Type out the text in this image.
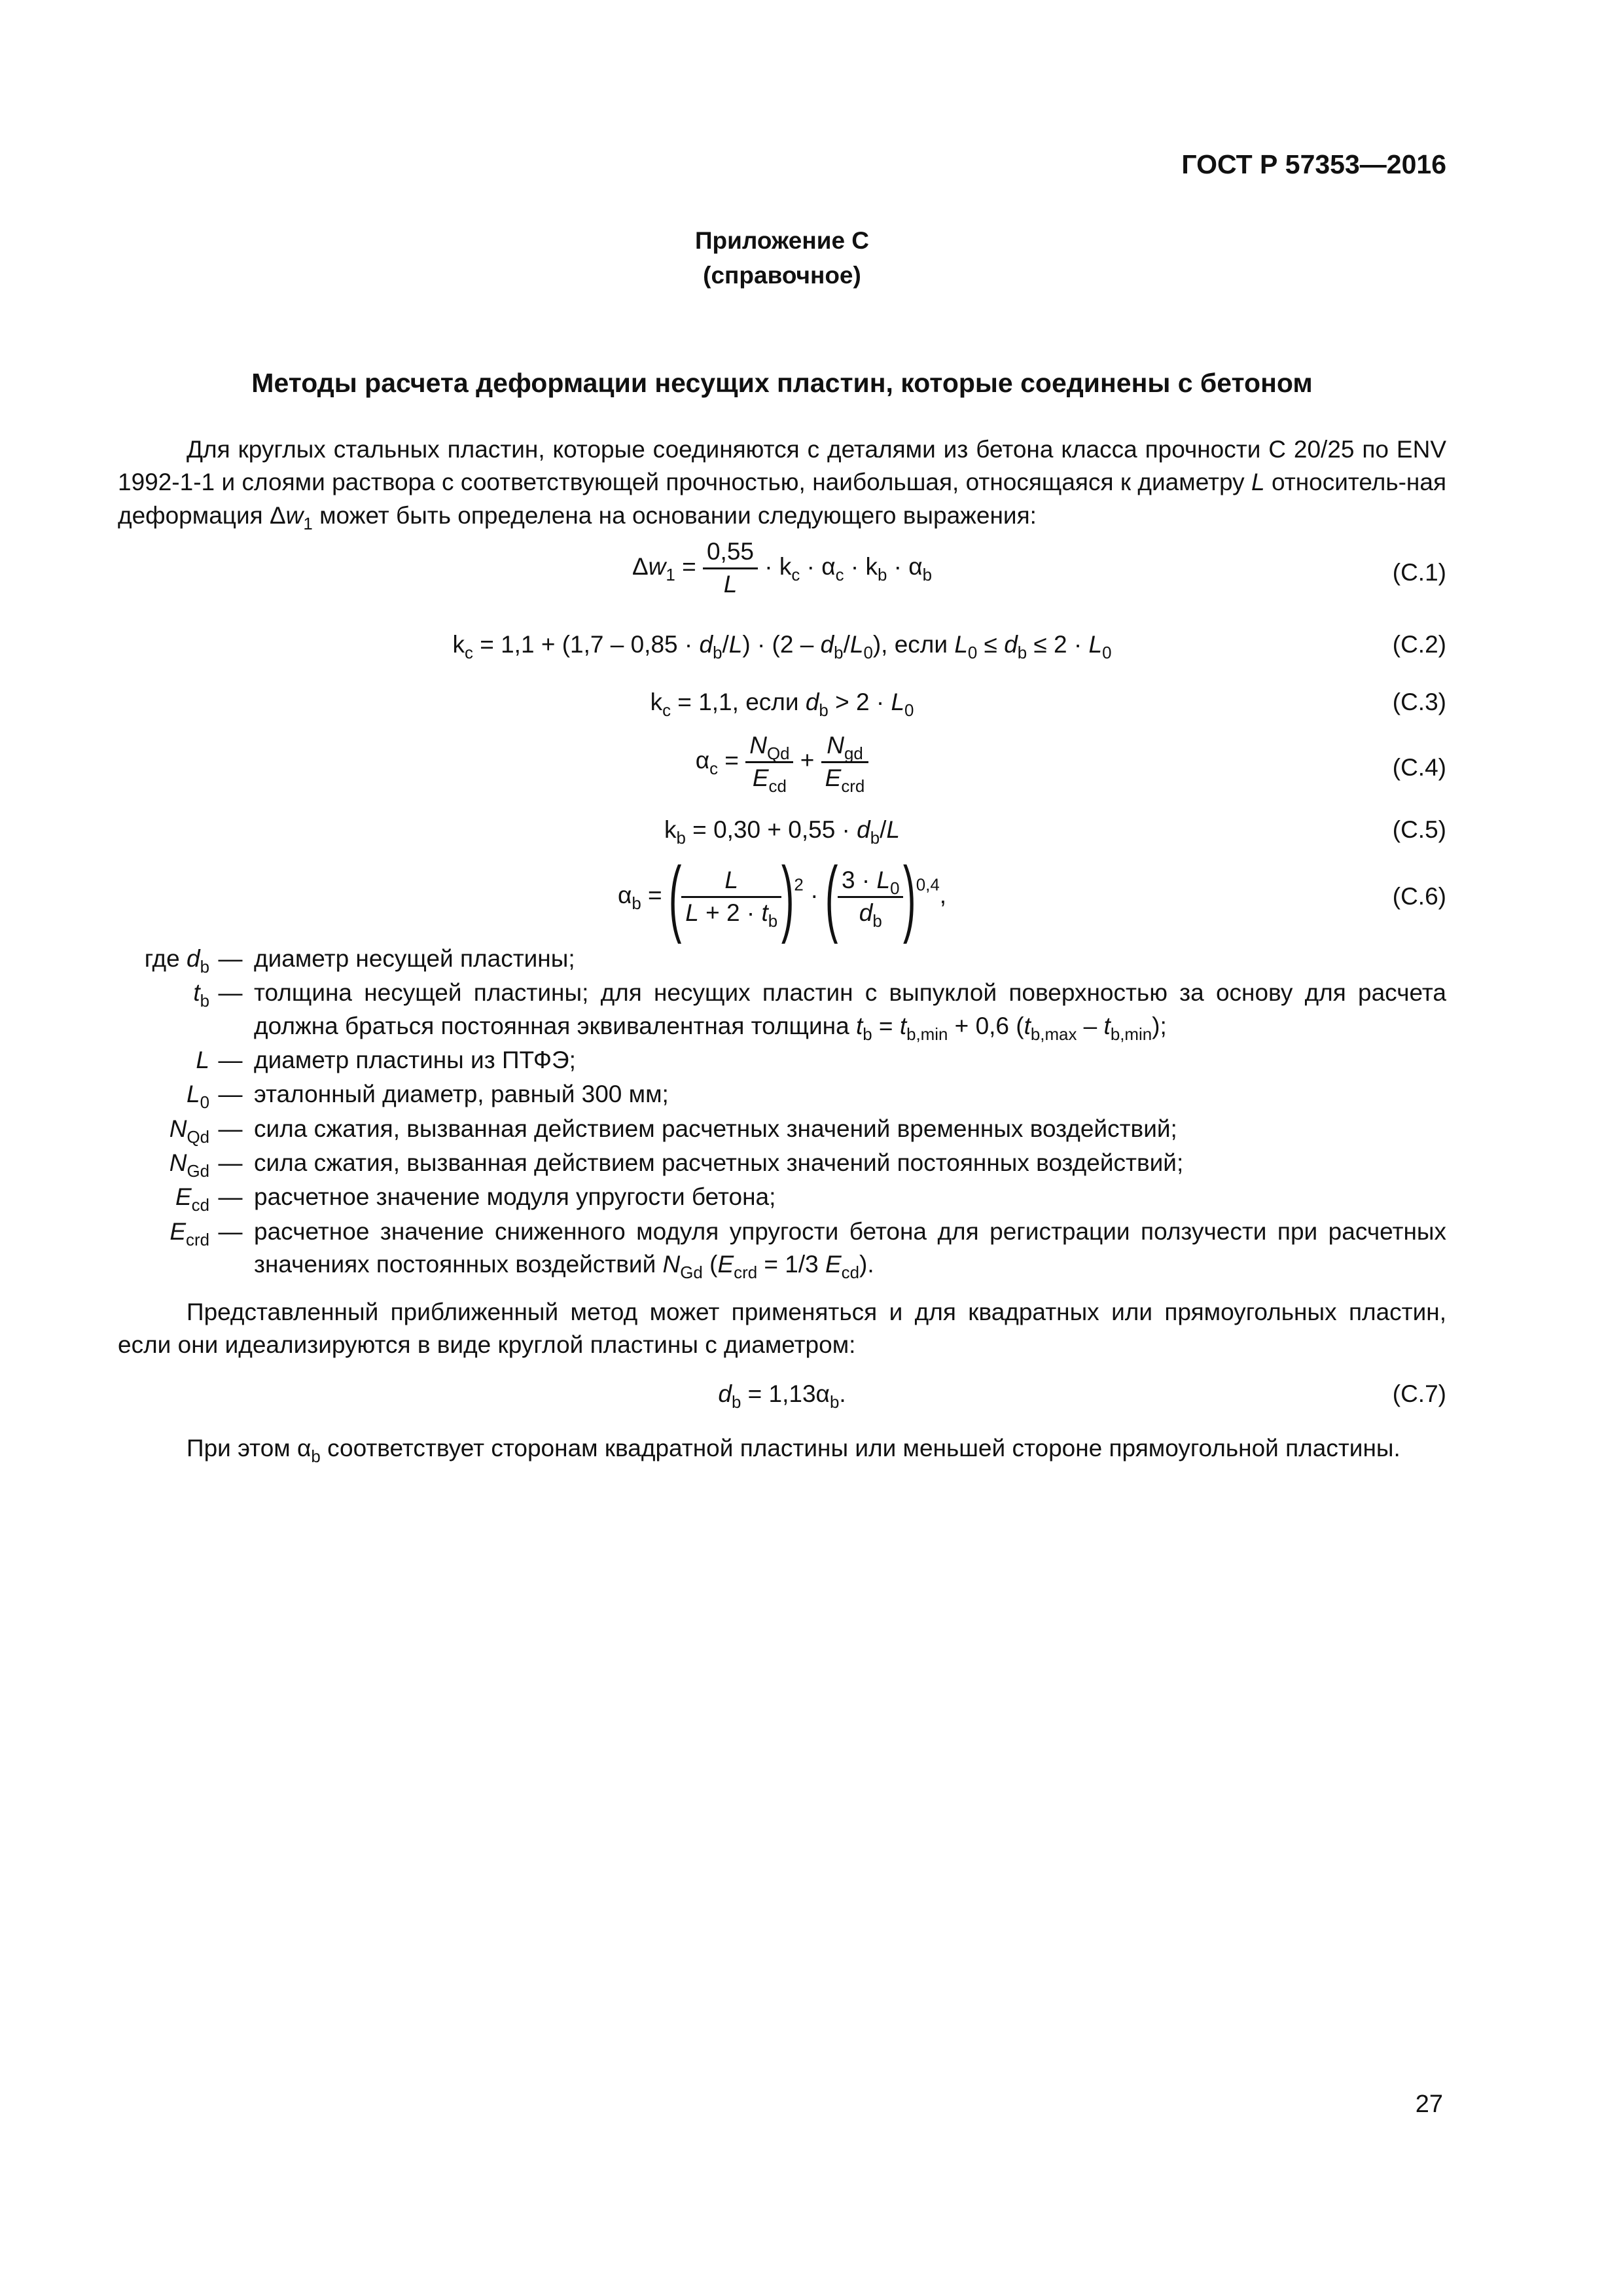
ГОСТ Р 57353—2016
Приложение С
(справочное)
Методы расчета деформации несущих пластин, которые соединены с бетоном

Для круглых стальных пластин, которые соединяются с деталями из бетона класса прочности С 20/25 по ENV 1992-1-1 и слоями раствора с соответствующей прочностью, наибольшая, относящаяся к диаметру L относитель-ная деформация $\Delta w_1$ может быть определена на основании следующего выражения:

$\Delta w_1 = \frac{0,55}{L} \cdot k_c \cdot \alpha_c \cdot k_b \cdot \alpha_b$	(С.1)
$k_c = 1,1 + (1,7 - 0,85 \cdot d_b/L) \cdot (2 - d_b/L_0)$, если $L_0 \le d_b \le 2 \cdot L_0$	(С.2)
$k_c = 1,1$, если $d_b > 2 \cdot L_0$	(С.3)
$\alpha_c = \frac{N_{Qd}}{E_{cd}} + \frac{N_{gd}}{E_{crd}}$	(С.4)
$k_b = 0,30 + 0,55 \cdot d_b/L$	(С.5)
$\alpha_b$ = ( $\frac{L}{L + 2 \cdot t_b} )^2$ · ( $\frac{3 \cdot L_0}{d_b} )^{0,4}$,	(С.6)
где $d_b$ — диаметр несущей пластины;
$t_b$ — толщина несущей пластины; для несущих пластин с выпуклой поверхностью за основу для расчета должна браться постоянная эквивалентная толщина $t_b = t_{b,min} + 0,6$ $(t_{b,max} - t_{b,min})$;
L — диаметр пластины из ПТФЭ;
$L_0$ — эталонный диаметр, равный 300 мм;
$N_{Qd}$ — сила сжатия, вызванная действием расчетных значений временных воздействий;
$N_{Gd}$ — сила сжатия, вызванная действием расчетных значений постоянных воздействий;
$E_{cd}$ — расчетное значение модуля упругости бетона;
$E_{crd}$ — расчетное значение сниженного модуля упругости бетона для регистрации ползучести при расчетных значениях постоянных воздействий $N_{Gd}$ ($E_{crd} = 1/3$ $E_{cd}$).

Представленный приближенный метод может применяться и для квадратных или прямоугольных пластин, если они идеализируются в виде круглой пластины с диаметром:

$d_b = 1,13\alpha_b$.	(С.7)

При этом $\alpha_b$ соответствует сторонам квадратной пластины или меньшей стороне прямоугольной пластины.

27
